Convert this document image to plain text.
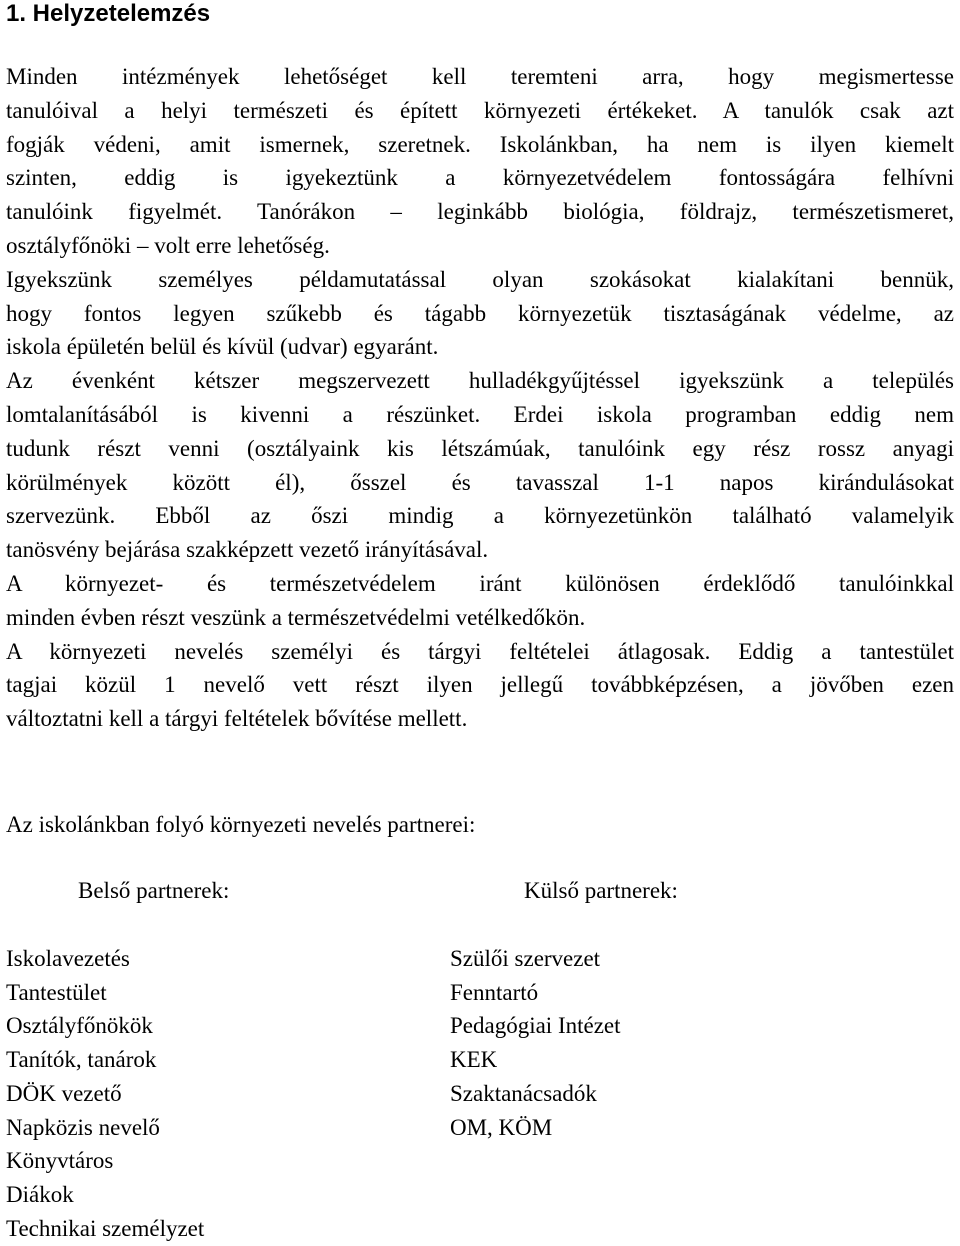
1. Helyzetelemzés
Minden intézmények lehetőséget kell teremteni arra, hogy megismertesse
tanulóival a helyi természeti és épített környezeti értékeket. A tanulók csak azt
fogják védeni, amit ismernek, szeretnek. Iskolánkban, ha nem is ilyen kiemelt
szinten, eddig is igyekeztünk a környezetvédelem fontosságára felhívni
tanulóink figyelmét. Tanórákon – leginkább biológia, földrajz, természetismeret,
osztályfőnöki – volt erre lehetőség.
Igyekszünk személyes példamutatással olyan szokásokat kialakítani bennük,
hogy fontos legyen szűkebb és tágabb környezetük tisztaságának védelme, az
iskola épületén belül és kívül (udvar) egyaránt.
Az évenként kétszer megszervezett hulladékgyűjtéssel igyekszünk a település
lomtalanításából is kivenni a részünket. Erdei iskola programban eddig nem
tudunk részt venni (osztályaink kis létszámúak, tanulóink egy rész rossz anyagi
körülmények között él), ősszel és tavasszal 1-1 napos kirándulásokat
szervezünk. Ebből az őszi mindig a környezetünkön található valamelyik
tanösvény bejárása szakképzett vezető irányításával.
A környezet- és természetvédelem iránt különösen érdeklődő tanulóinkkal
minden évben részt veszünk a természetvédelmi vetélkedőkön.
A környezeti nevelés személyi és tárgyi feltételei átlagosak. Eddig a tantestület
tagjai közül 1 nevelő vett részt ilyen jellegű továbbképzésen, a jövőben ezen
változtatni kell a tárgyi feltételek bővítése mellett.
Az iskolánkban folyó környezeti nevelés partnerei:
Belső partnerek:	Külső partnerek:
Iskolavezetés
Tantestület
Osztályfőnökök
Tanítók, tanárok
DÖK vezető
Napközis nevelő
Könyvtáros
Diákok
Technikai személyzet
Szülői szervezet
Fenntartó
Pedagógiai Intézet
KEK
Szaktanácsadók
OM, KÖM
